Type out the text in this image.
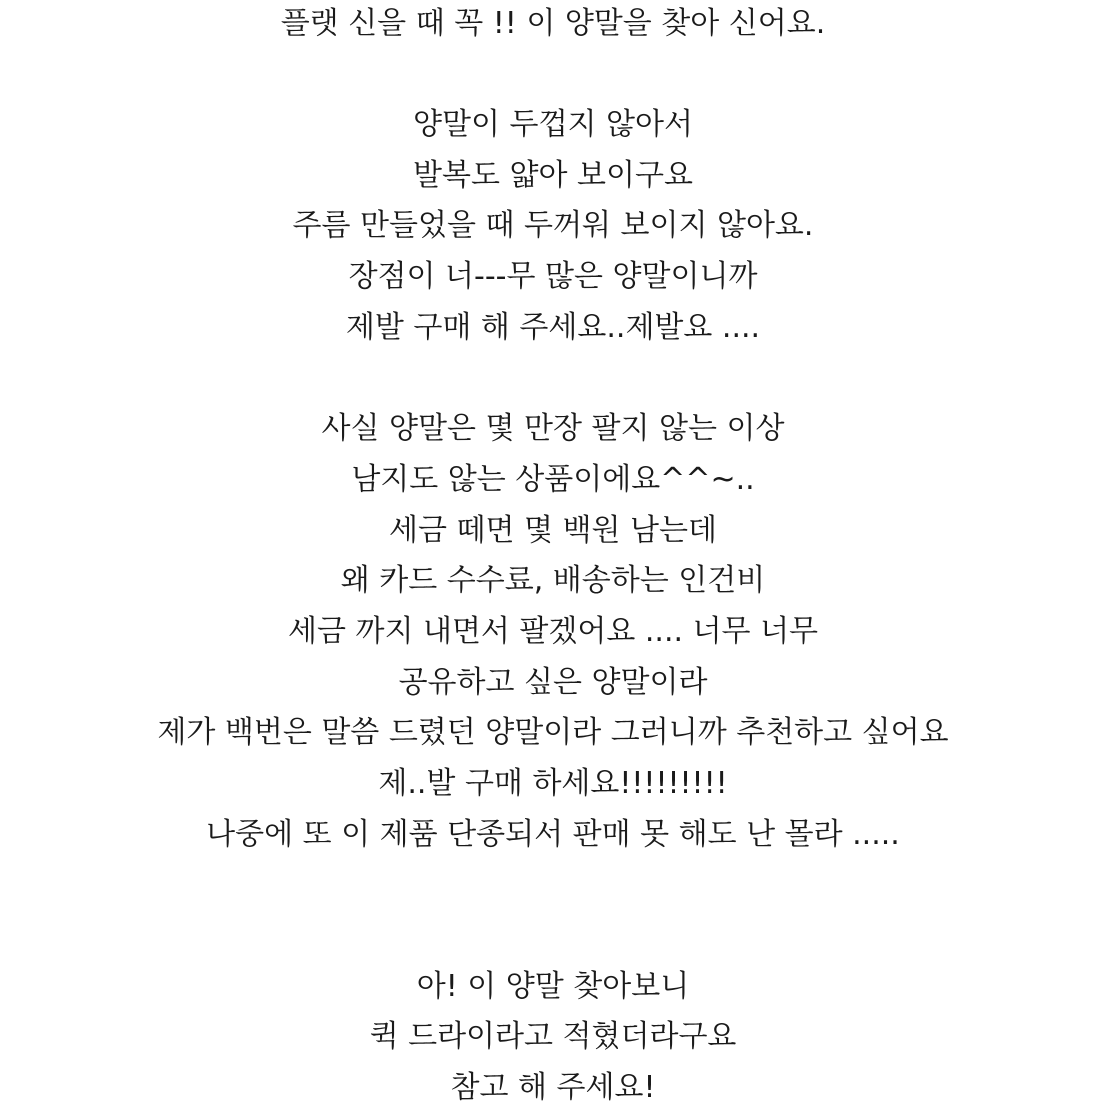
플랫 신을 때 꼭 !! 이 양말을 찾아 신어요.
양말이 두껍지 않아서
발복도 얇아 보이구요
주름 만들었을 때 두꺼워 보이지 않아요.
장점이 너---무 많은 양말이니까
제발 구매 해 주세요..제발요 ....
사실 양말은 몇 만장 팔지 않는 이상
남지도 않는 상품이에요^^~..
세금 떼면 몇 백원 남는데
왜 카드 수수료, 배송하는 인건비
세금 까지 내면서 팔겠어요 .... 너무 너무
공유하고 싶은 양말이라
제가 백번은 말씀 드렸던 양말이라 그러니까 추천하고 싶어요
제..발 구매 하세요!!!!!!!!!
나중에 또 이 제품 단종되서 판매 못 해도 난 몰라 .....
아! 이 양말 찾아보니
퀵 드라이라고 적혔더라구요
참고 해 주세요!
